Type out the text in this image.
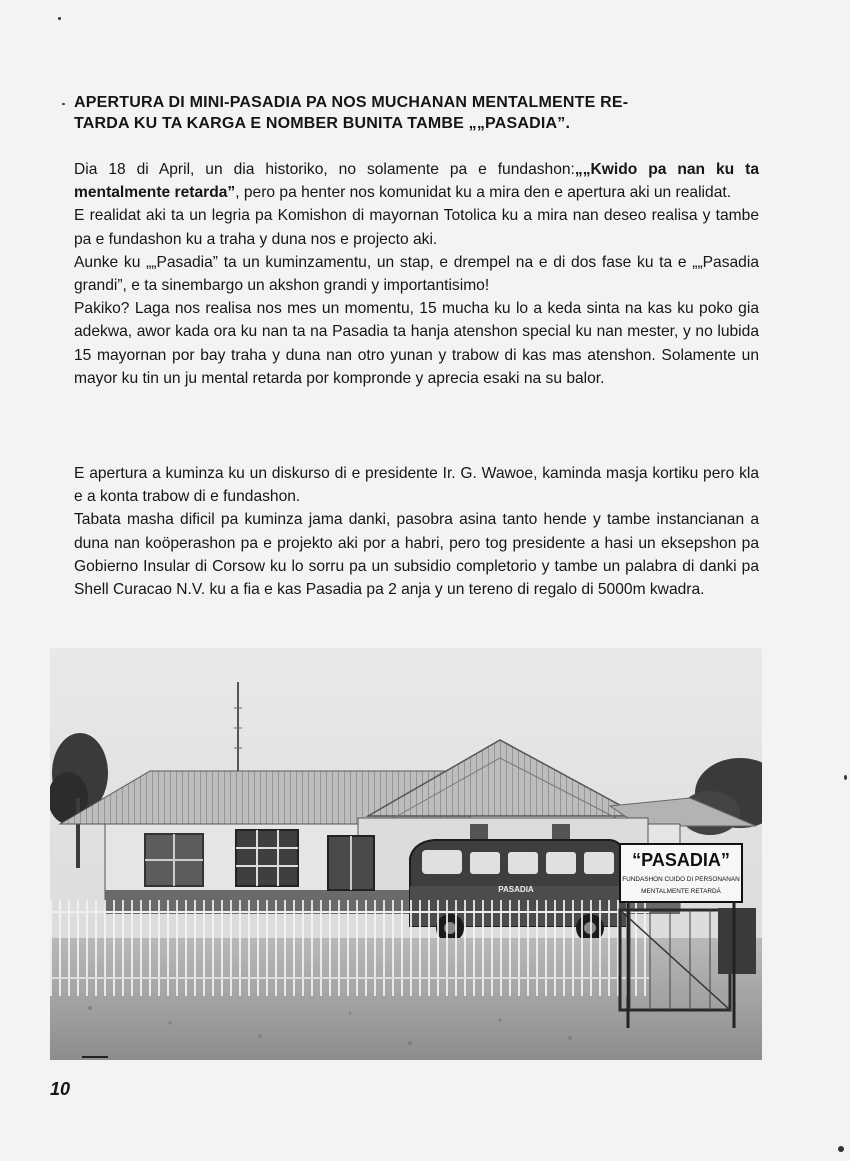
APERTURA DI MINI-PASADIA PA NOS MUCHANAN MENTALMENTE RE-
TARDA KU TA KARGA E NOMBER BUNITA TAMBE „„PASADIA”.

Dia 18 di April, un dia historiko, no solamente pa e fundashon:„„Kwido pa nan ku ta mentalmente retarda”, pero pa henter nos komunidat ku a mira den e apertura aki un realidat.

E realidat aki ta un legria pa Komishon di mayornan Totolica ku a mira nan deseo realisa y tambe pa e fundashon ku a traha y duna nos e projecto aki.

Aunke ku „„Pasadia” ta un kuminzamentu, un stap, e drempel na e di dos fase ku ta e „„Pasadia grandi”, e ta sinembargo un akshon grandi y importantisimo!

Pakiko? Laga nos realisa nos mes un momentu, 15 mucha ku lo a keda sinta na kas ku poko gia adekwa, awor kada ora ku nan ta na Pasadia ta hanja atenshon special ku nan mester, y no lubida 15 mayornan por bay traha y duna nan otro yunan y trabow di kas mas atenshon. Solamente un mayor ku tin un ju mental retarda por kompronde y aprecia esaki na su balor.

E apertura a kuminza ku un diskurso di e presidente Ir. G. Wawoe, kaminda masja kortiku pero kla e a konta trabow di e fundashon.

Tabata masha dificil pa kuminza jama danki, pasobra asina tanto hende y tambe instancianan a duna nan koöperashon pa e projekto aki por a habri, pero tog presidente a hasi un eksepshon pa Gobierno Insular di Corsow ku lo sorru pa un subsidio completorio y tambe un palabra di danki pa Shell Curacao N.V. ku a fia e kas Pasadia pa 2 anja y un tereno di regalo di 5000m kwadra.

PASADIA
“PASADIA”
FUNDASHON CUIDO DI PERSONANAN
MENTALMENTE RETARDÁ
10
